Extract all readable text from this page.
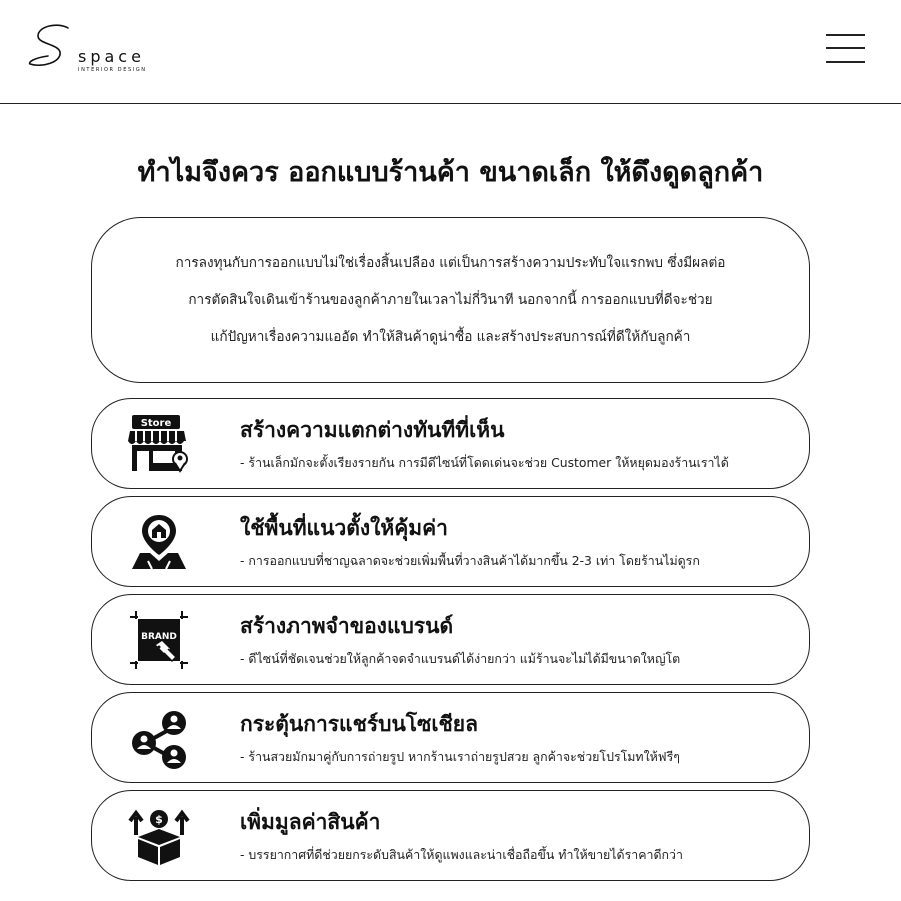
space
INTERIOR DESIGN
ทำไมจึงควร ออกแบบร้านค้า ขนาดเล็ก ให้ดึงดูดลูกค้า
การลงทุนกับการออกแบบไม่ใช่เรื่องสิ้นเปลือง แต่เป็นการสร้างความประทับใจแรกพบ ซึ่งมีผลต่อ
การตัดสินใจเดินเข้าร้านของลูกค้าภายในเวลาไม่กี่วินาที นอกจากนี้ การออกแบบที่ดีจะช่วย
แก้ปัญหาเรื่องความแออัด ทำให้สินค้าดูน่าซื้อ และสร้างประสบการณ์ที่ดีให้กับลูกค้า
Store	สร้างความแตกต่างทันทีที่เห็น

- ร้านเล็กมักจะตั้งเรียงรายกัน การมีดีไซน์ที่โดดเด่นจะช่วย Customer ให้หยุดมองร้านเราได้

ใช้พื้นที่แนวตั้งให้คุ้มค่า

- การออกแบบที่ชาญฉลาดจะช่วยเพิ่มพื้นที่วางสินค้าได้มากขึ้น 2-3 เท่า โดยร้านไม่ดูรก

BRAND	สร้างภาพจำของแบรนด์

- ดีไซน์ที่ชัดเจนช่วยให้ลูกค้าจดจำแบรนด์ได้ง่ายกว่า แม้ร้านจะไม่ได้มีขนาดใหญ่โต

กระตุ้นการแชร์บนโซเชียล

- ร้านสวยมักมาคู่กับการถ่ายรูป หากร้านเราถ่ายรูปสวย ลูกค้าจะช่วยโปรโมทให้ฟรีๆ

$	เพิ่มมูลค่าสินค้า

- บรรยากาศที่ดีช่วยยกระดับสินค้าให้ดูแพงและน่าเชื่อถือขึ้น ทำให้ขายได้ราคาดีกว่า
